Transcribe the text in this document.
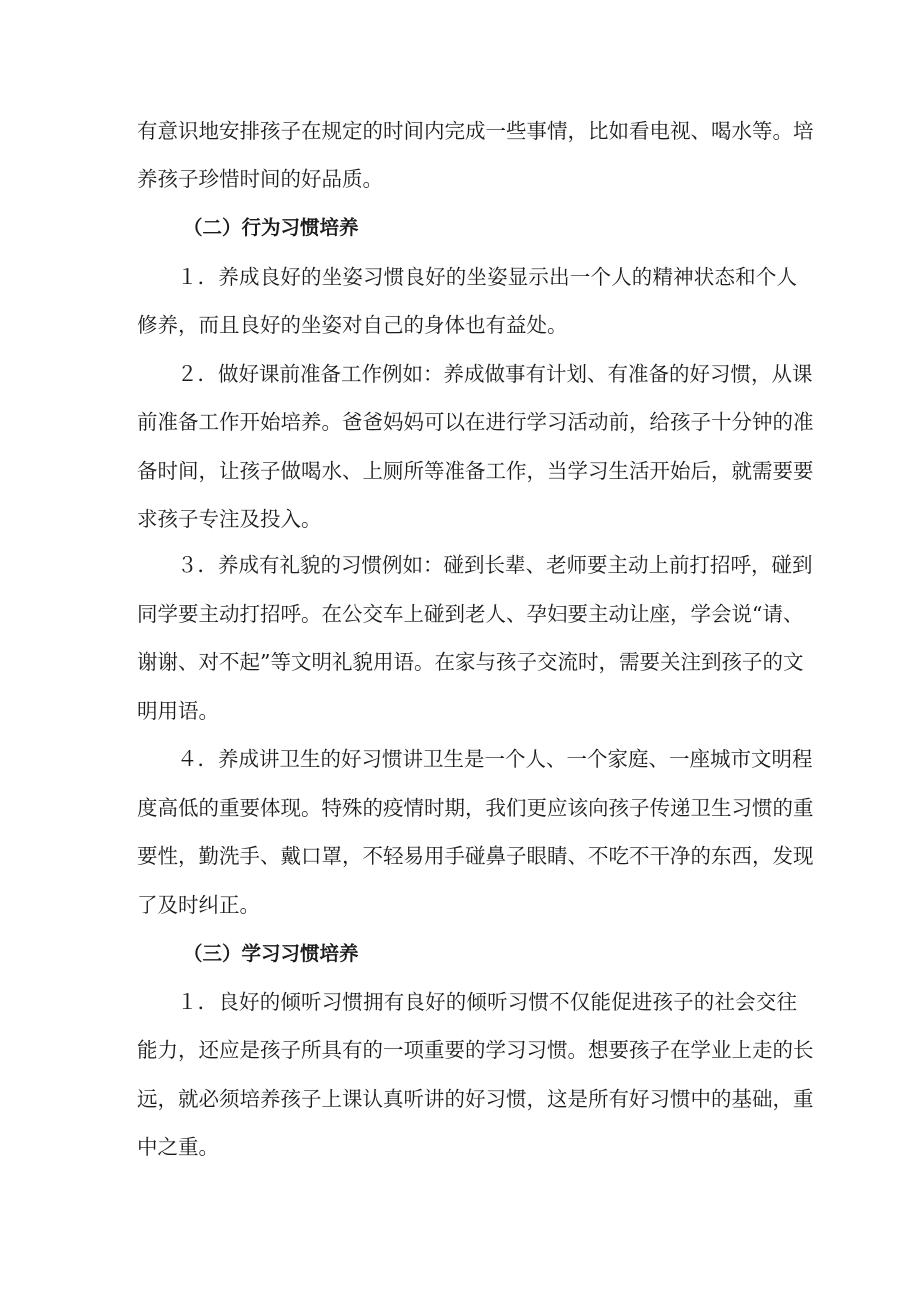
有意识地安排孩子在规定的时间内完成一些事情，比如看电视、喝水等。培
养孩子珍惜时间的好品质。
（二）行为习惯培养
１．养成良好的坐姿习惯良好的坐姿显示出一个人的精神状态和个人
修养，而且良好的坐姿对自己的身体也有益处。
２．做好课前准备工作例如：养成做事有计划、有准备的好习惯，从课
前准备工作开始培养。爸爸妈妈可以在进行学习活动前，给孩子十分钟的准
备时间，让孩子做喝水、上厕所等准备工作，当学习生活开始后，就需要要
求孩子专注及投入。
３．养成有礼貌的习惯例如：碰到长辈、老师要主动上前打招呼，碰到
同学要主动打招呼。在公交车上碰到老人、孕妇要主动让座，学会说“请、
谢谢、对不起”等文明礼貌用语。在家与孩子交流时，需要关注到孩子的文
明用语。
４．养成讲卫生的好习惯讲卫生是一个人、一个家庭、一座城市文明程
度高低的重要体现。特殊的疫情时期，我们更应该向孩子传递卫生习惯的重
要性，勤洗手、戴口罩，不轻易用手碰鼻子眼睛、不吃不干净的东西，发现
了及时纠正。
（三）学习习惯培养
１．良好的倾听习惯拥有良好的倾听习惯不仅能促进孩子的社会交往
能力，还应是孩子所具有的一项重要的学习习惯。想要孩子在学业上走的长
远，就必须培养孩子上课认真听讲的好习惯，这是所有好习惯中的基础，重
中之重。
